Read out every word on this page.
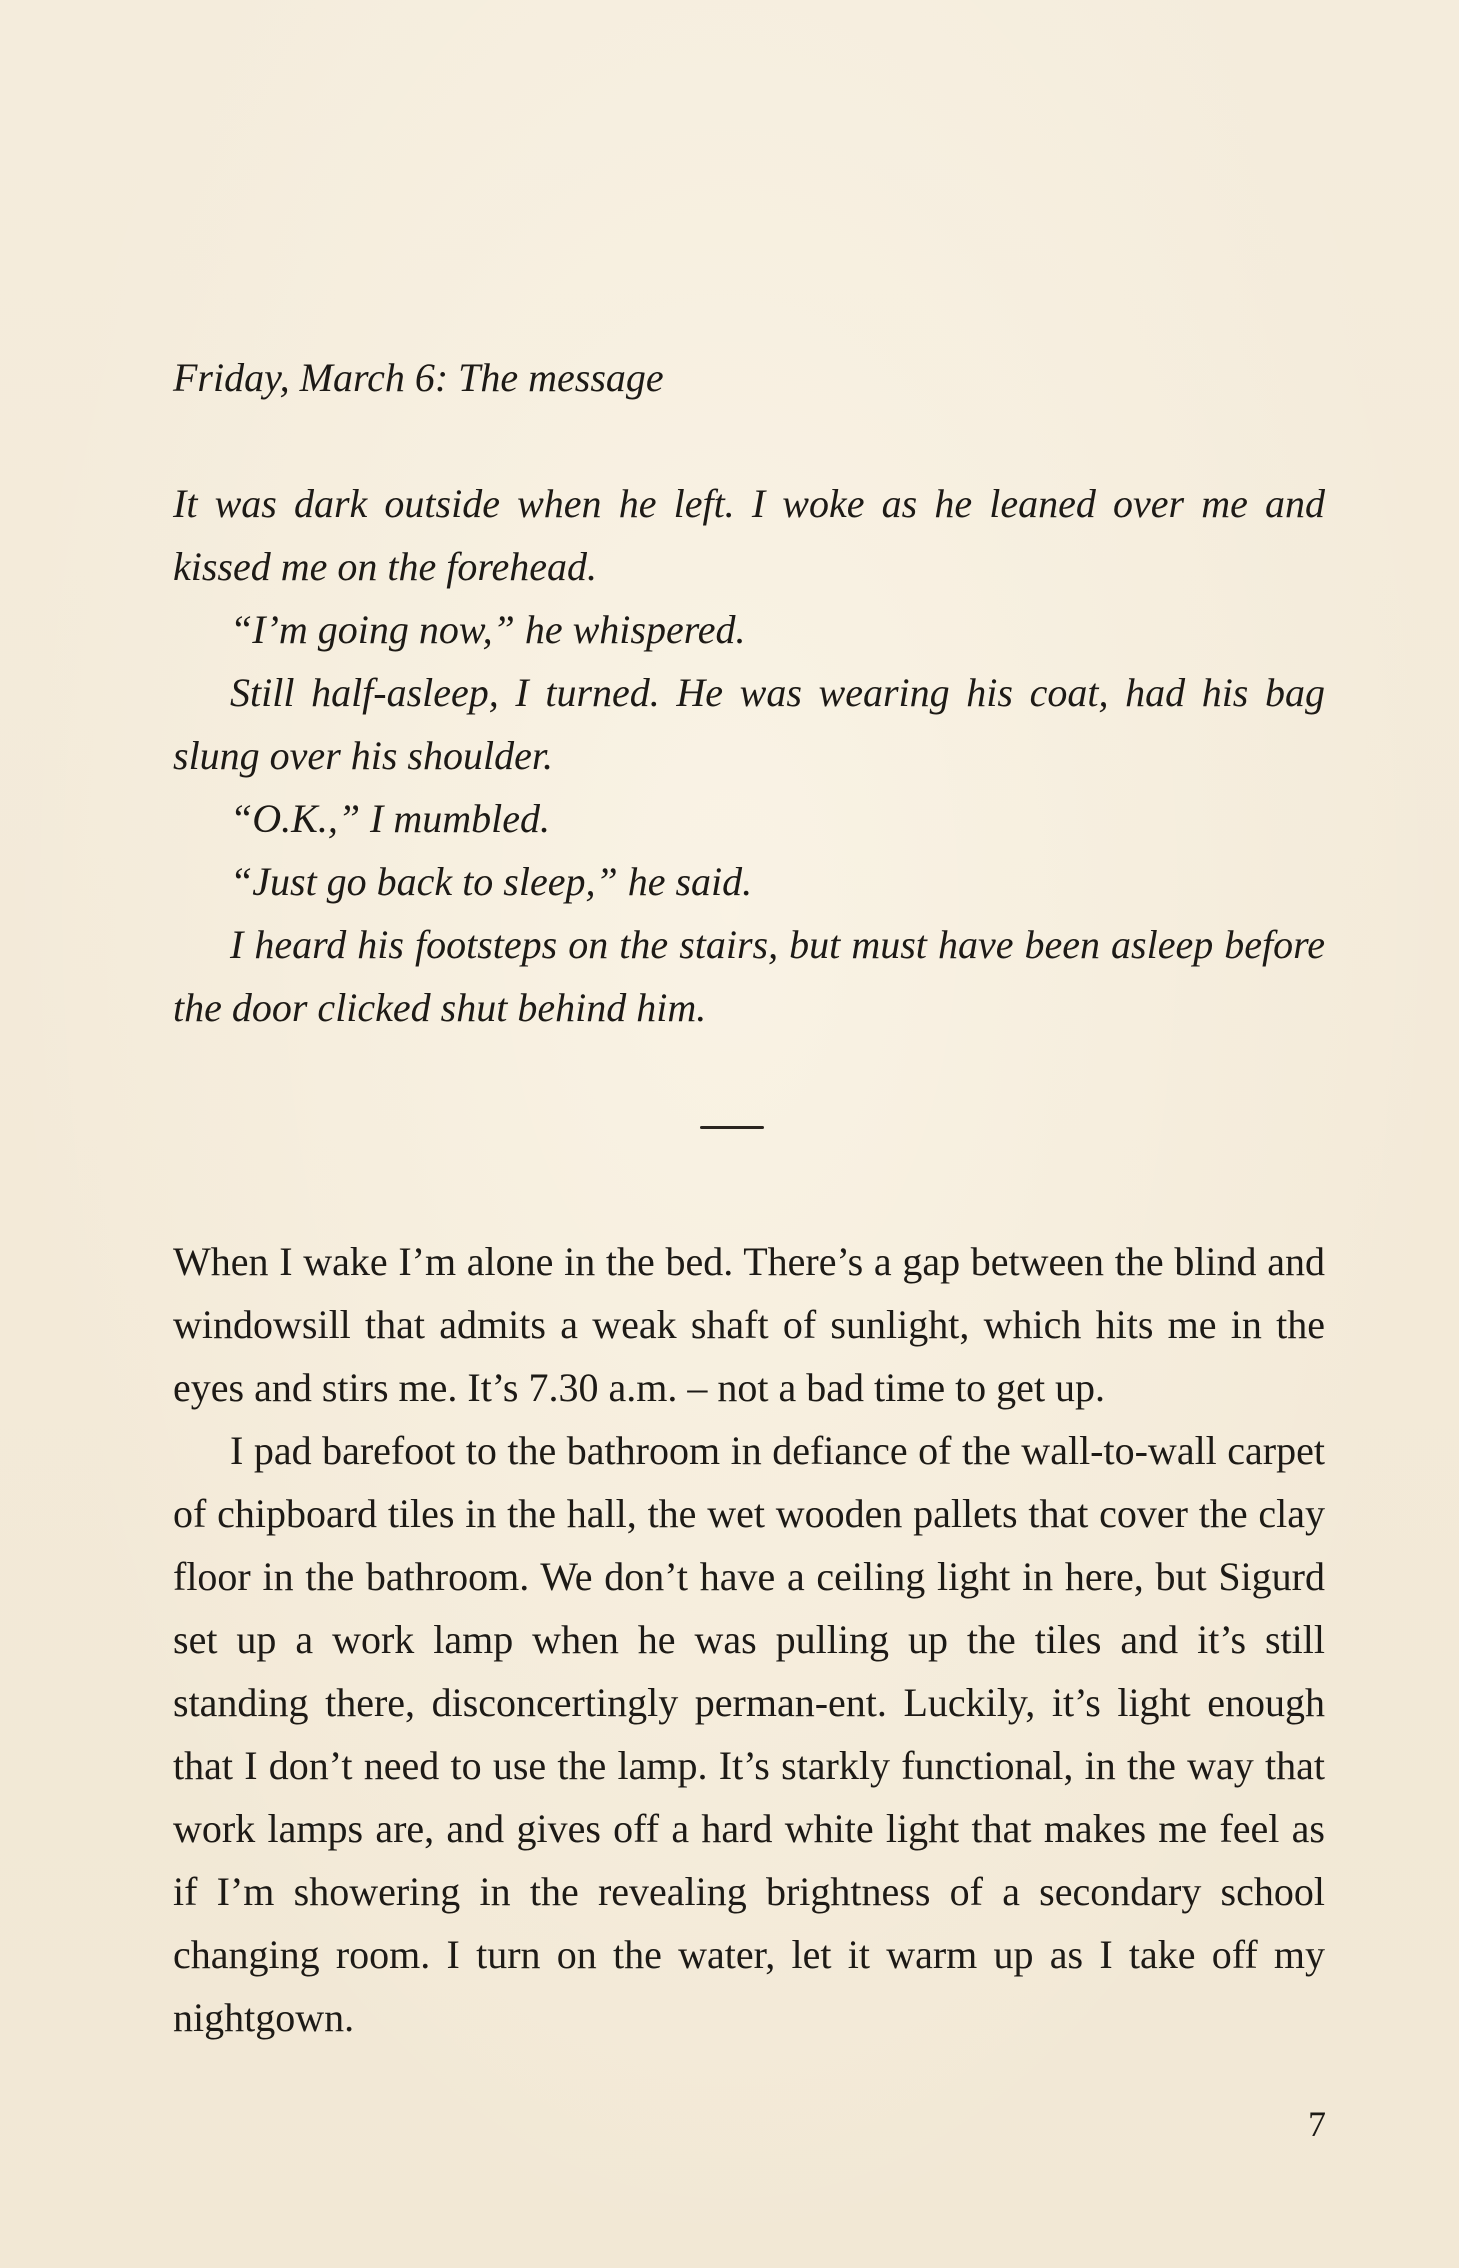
Friday, March 6: The message

It was dark outside when he left. I woke as he leaned over me and kissed me on the forehead.

“I’m going now,” he whispered.

Still half-asleep, I turned. He was wearing his coat, had his bag slung over his shoulder.

“O.K.,” I mumbled.

“Just go back to sleep,” he said.

I heard his footsteps on the stairs, but must have been asleep before the door clicked shut behind him.

When I wake I’m alone in the bed. There’s a gap between the blind and windowsill that admits a weak shaft of sunlight, which hits me in the eyes and stirs me. It’s 7.30 a.m. – not a bad time to get up.

I pad barefoot to the bathroom in defiance of the wall-to-wall carpet of chipboard tiles in the hall, the wet wooden pallets that cover the clay floor in the bathroom. We don’t have a ceiling light in here, but Sigurd set up a work lamp when he was pulling up the tiles and it’s still standing there, disconcertingly perman-ent. Luckily, it’s light enough that I don’t need to use the lamp. It’s starkly functional, in the way that work lamps are, and gives off a hard white light that makes me feel as if I’m showering in the revealing brightness of a secondary school changing room. I turn on the water, let it warm up as I take off my nightgown.

7
